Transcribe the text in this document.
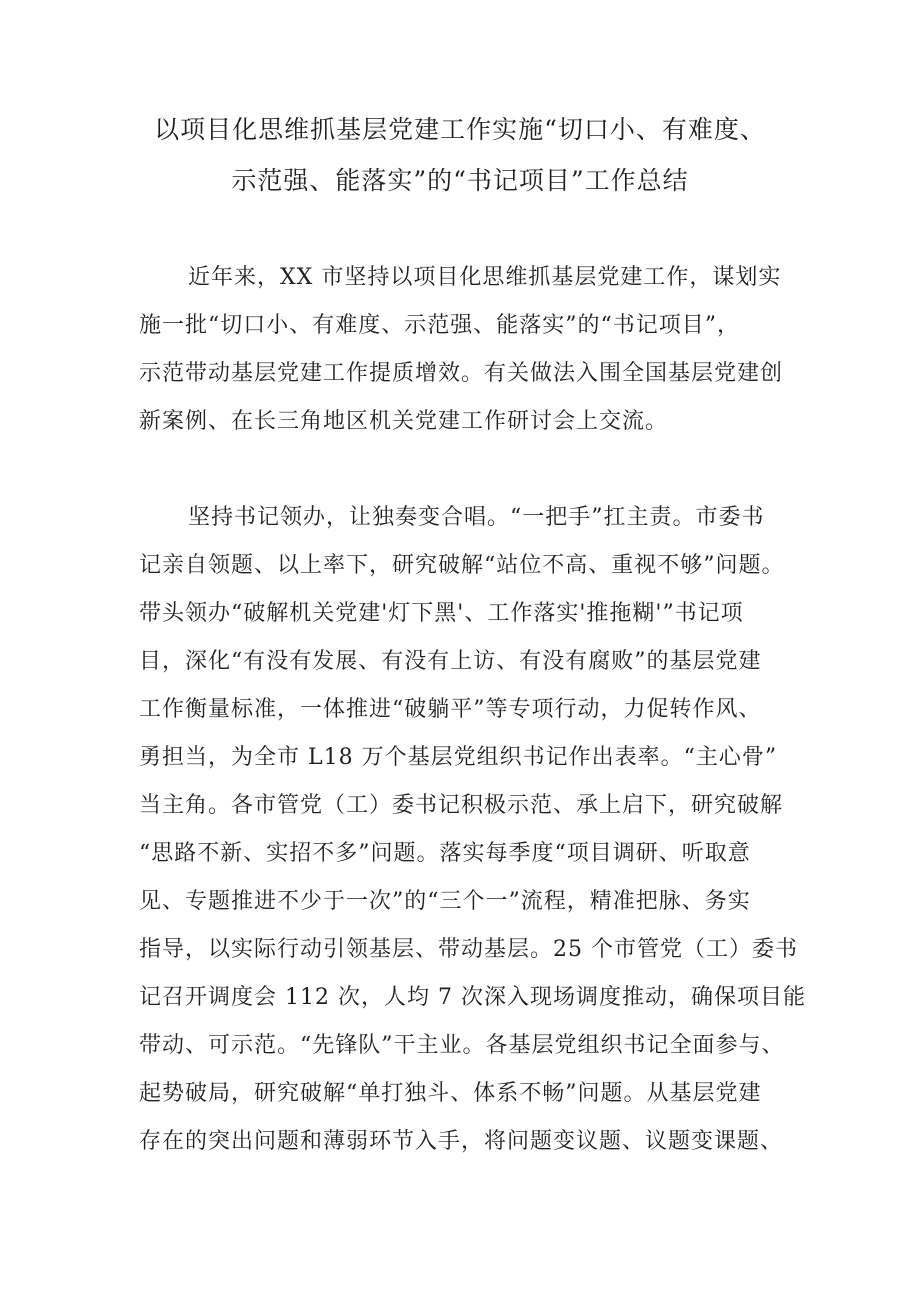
以项目化思维抓基层党建工作实施“切口小、有难度、
示范强、能落实”的“书记项目”工作总结
近年来，XX 市坚持以项目化思维抓基层党建工作，谋划实
施一批“切口小、有难度、示范强、能落实”的“书记项目”，
示范带动基层党建工作提质增效。有关做法入围全国基层党建创
新案例、在长三角地区机关党建工作研讨会上交流。
坚持书记领办，让独奏变合唱。“一把手”扛主责。市委书
记亲自领题、以上率下，研究破解“站位不高、重视不够”问题。
带头领办“破解机关党建'灯下黑'、工作落实'推拖糊'”书记项
目，深化“有没有发展、有没有上访、有没有腐败”的基层党建
工作衡量标准，一体推进“破躺平”等专项行动，力促转作风、
勇担当，为全市 L18 万个基层党组织书记作出表率。“主心骨”
当主角。各市管党（工）委书记积极示范、承上启下，研究破解
“思路不新、实招不多”问题。落实每季度“项目调研、听取意
见、专题推进不少于一次”的“三个一”流程，精准把脉、务实
指导，以实际行动引领基层、带动基层。25 个市管党（工）委书
记召开调度会 112 次，人均 7 次深入现场调度推动，确保项目能
带动、可示范。“先锋队”干主业。各基层党组织书记全面参与、
起势破局，研究破解“单打独斗、体系不畅”问题。从基层党建
存在的突出问题和薄弱环节入手，将问题变议题、议题变课题、
